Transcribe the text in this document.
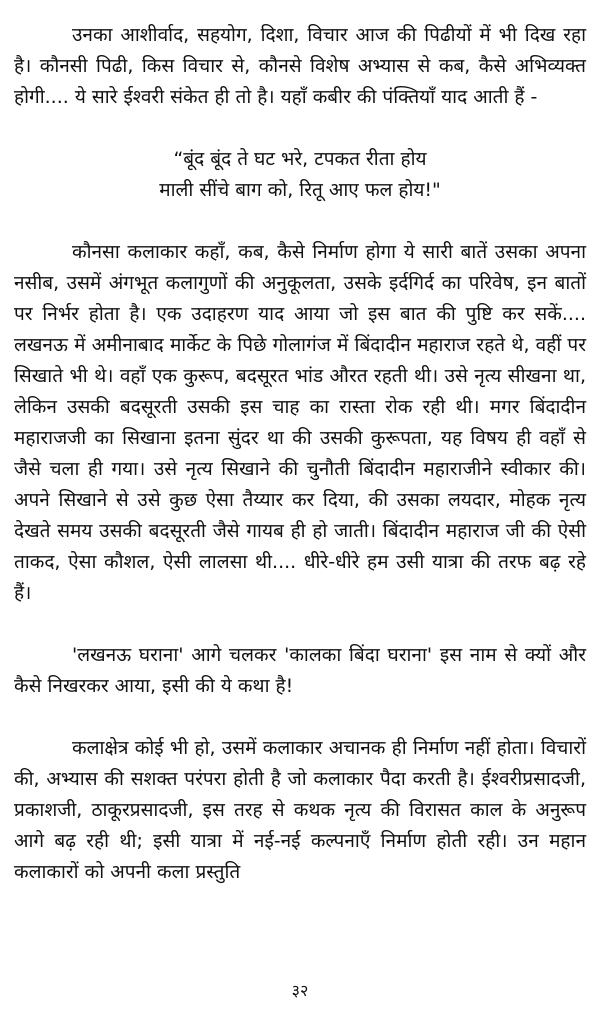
उनका आशीर्वाद, सहयोग, दिशा, विचार आज की पिढीयों में भी दिख रहा है। कौनसी पिढी, किस विचार से, कौनसे विशेष अभ्यास से कब, कैसे अभिव्यक्त होगी.... ये सारे ईश्वरी संकेत ही तो है। यहाँ कबीर की पंक्तियाँ याद आती हैं -

“बूंद बूंद ते घट भरे, टपकत रीता होय
माली सींचे बाग को, रितू आए फल होय!"

कौनसा कलाकार कहाँ, कब, कैसे निर्माण होगा ये सारी बातें उसका अपना नसीब, उसमें अंगभूत कलागुणों की अनुकूलता, उसके इर्दगिर्द का परिवेष, इन बातों पर निर्भर होता है। एक उदाहरण याद आया जो इस बात की पुष्टि कर सकें.... लखनऊ में अमीनाबाद मार्केट के पिछे गोलागंज में बिंदादीन महाराज रहते थे, वहीं पर सिखाते भी थे। वहाँ एक कुरूप, बदसूरत भांड औरत रहती थी। उसे नृत्य सीखना था, लेकिन उसकी बदसूरती उसकी इस चाह का रास्ता रोक रही थी। मगर बिंदादीन महाराजजी का सिखाना इतना सुंदर था की उसकी कुरूपता, यह विषय ही वहाँ से जैसे चला ही गया। उसे नृत्य सिखाने की चुनौती बिंदादीन महाराजीने स्वीकार की। अपने सिखाने से उसे कुछ ऐसा तैय्यार कर दिया, की उसका लयदार, मोहक नृत्य देखते समय उसकी बदसूरती जैसे गायब ही हो जाती। बिंदादीन महाराज जी की ऐसी ताकद, ऐसा कौशल, ऐसी लालसा थी.... धीरे-धीरे हम उसी यात्रा की तरफ बढ़ रहे हैं।

'लखनऊ घराना' आगे चलकर 'कालका बिंदा घराना' इस नाम से क्यों और कैसे निखरकर आया, इसी की ये कथा है!

कलाक्षेत्र कोई भी हो, उसमें कलाकार अचानक ही निर्माण नहीं होता। विचारों की, अभ्यास की सशक्त परंपरा होती है जो कलाकार पैदा करती है। ईश्वरीप्रसादजी, प्रकाशजी, ठाकूरप्रसादजी, इस तरह से कथक नृत्य की विरासत काल के अनुरूप आगे बढ़ रही थी; इसी यात्रा में नई-नई कल्पनाएँ निर्माण होती रही। उन महान कलाकारों को अपनी कला प्रस्तुति

३२
